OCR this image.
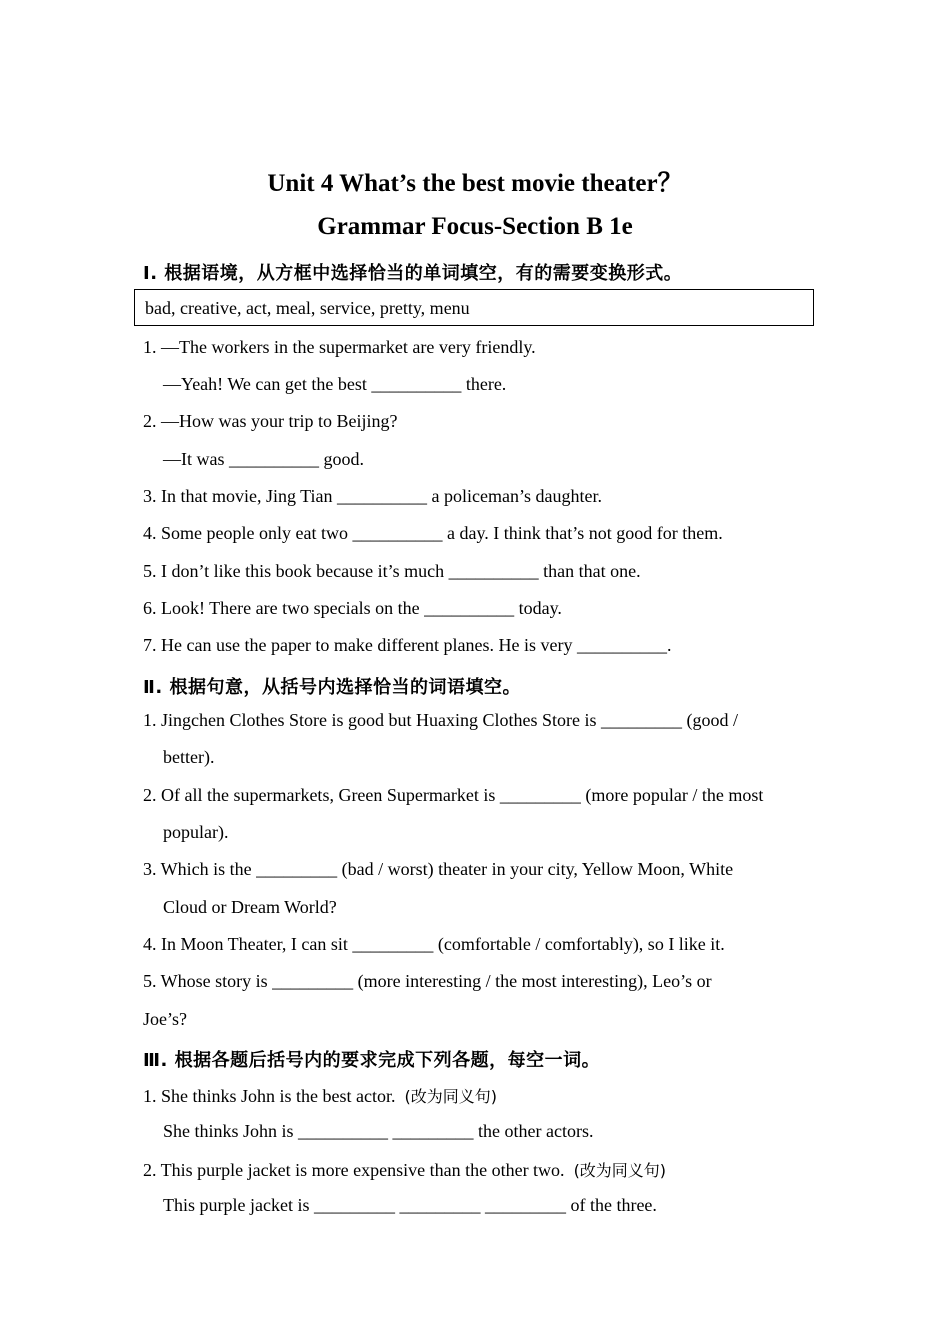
Unit 4 What’s the best movie theater？
Grammar Focus-Section B 1e
Ⅰ. 根据语境，从方框中选择恰当的单词填空，有的需要变换形式。
bad, creative, act, meal, service, pretty, menu
1. —The workers in the supermarket are very friendly.
—Yeah! We can get the best __________ there.
2. —How was your trip to Beijing?
—It was __________ good.
3. In that movie, Jing Tian __________ a policeman’s daughter.
4. Some people only eat two __________ a day. I think that’s not good for them.
5. I don’t like this book because it’s much __________ than that one.
6. Look! There are two specials on the __________ today.
7. He can use the paper to make different planes. He is very __________.
Ⅱ. 根据句意，从括号内选择恰当的词语填空。
1. Jingchen Clothes Store is good but Huaxing Clothes Store is _________ (good /
better).
2. Of all the supermarkets, Green Supermarket is _________ (more popular / the most
popular).
3. Which is the _________ (bad / worst) theater in your city, Yellow Moon, White
Cloud or Dream World?
4. In Moon Theater, I can sit _________ (comfortable / comfortably), so I like it.
5. Whose story is _________ (more interesting / the most interesting), Leo’s or
Joe’s?
Ⅲ. 根据各题后括号内的要求完成下列各题，每空一词。
1. She thinks John is the best actor. (改为同义句)
She thinks John is __________ _________ the other actors.
2. This purple jacket is more expensive than the other two. (改为同义句)
This purple jacket is _________ _________ _________ of the three.
